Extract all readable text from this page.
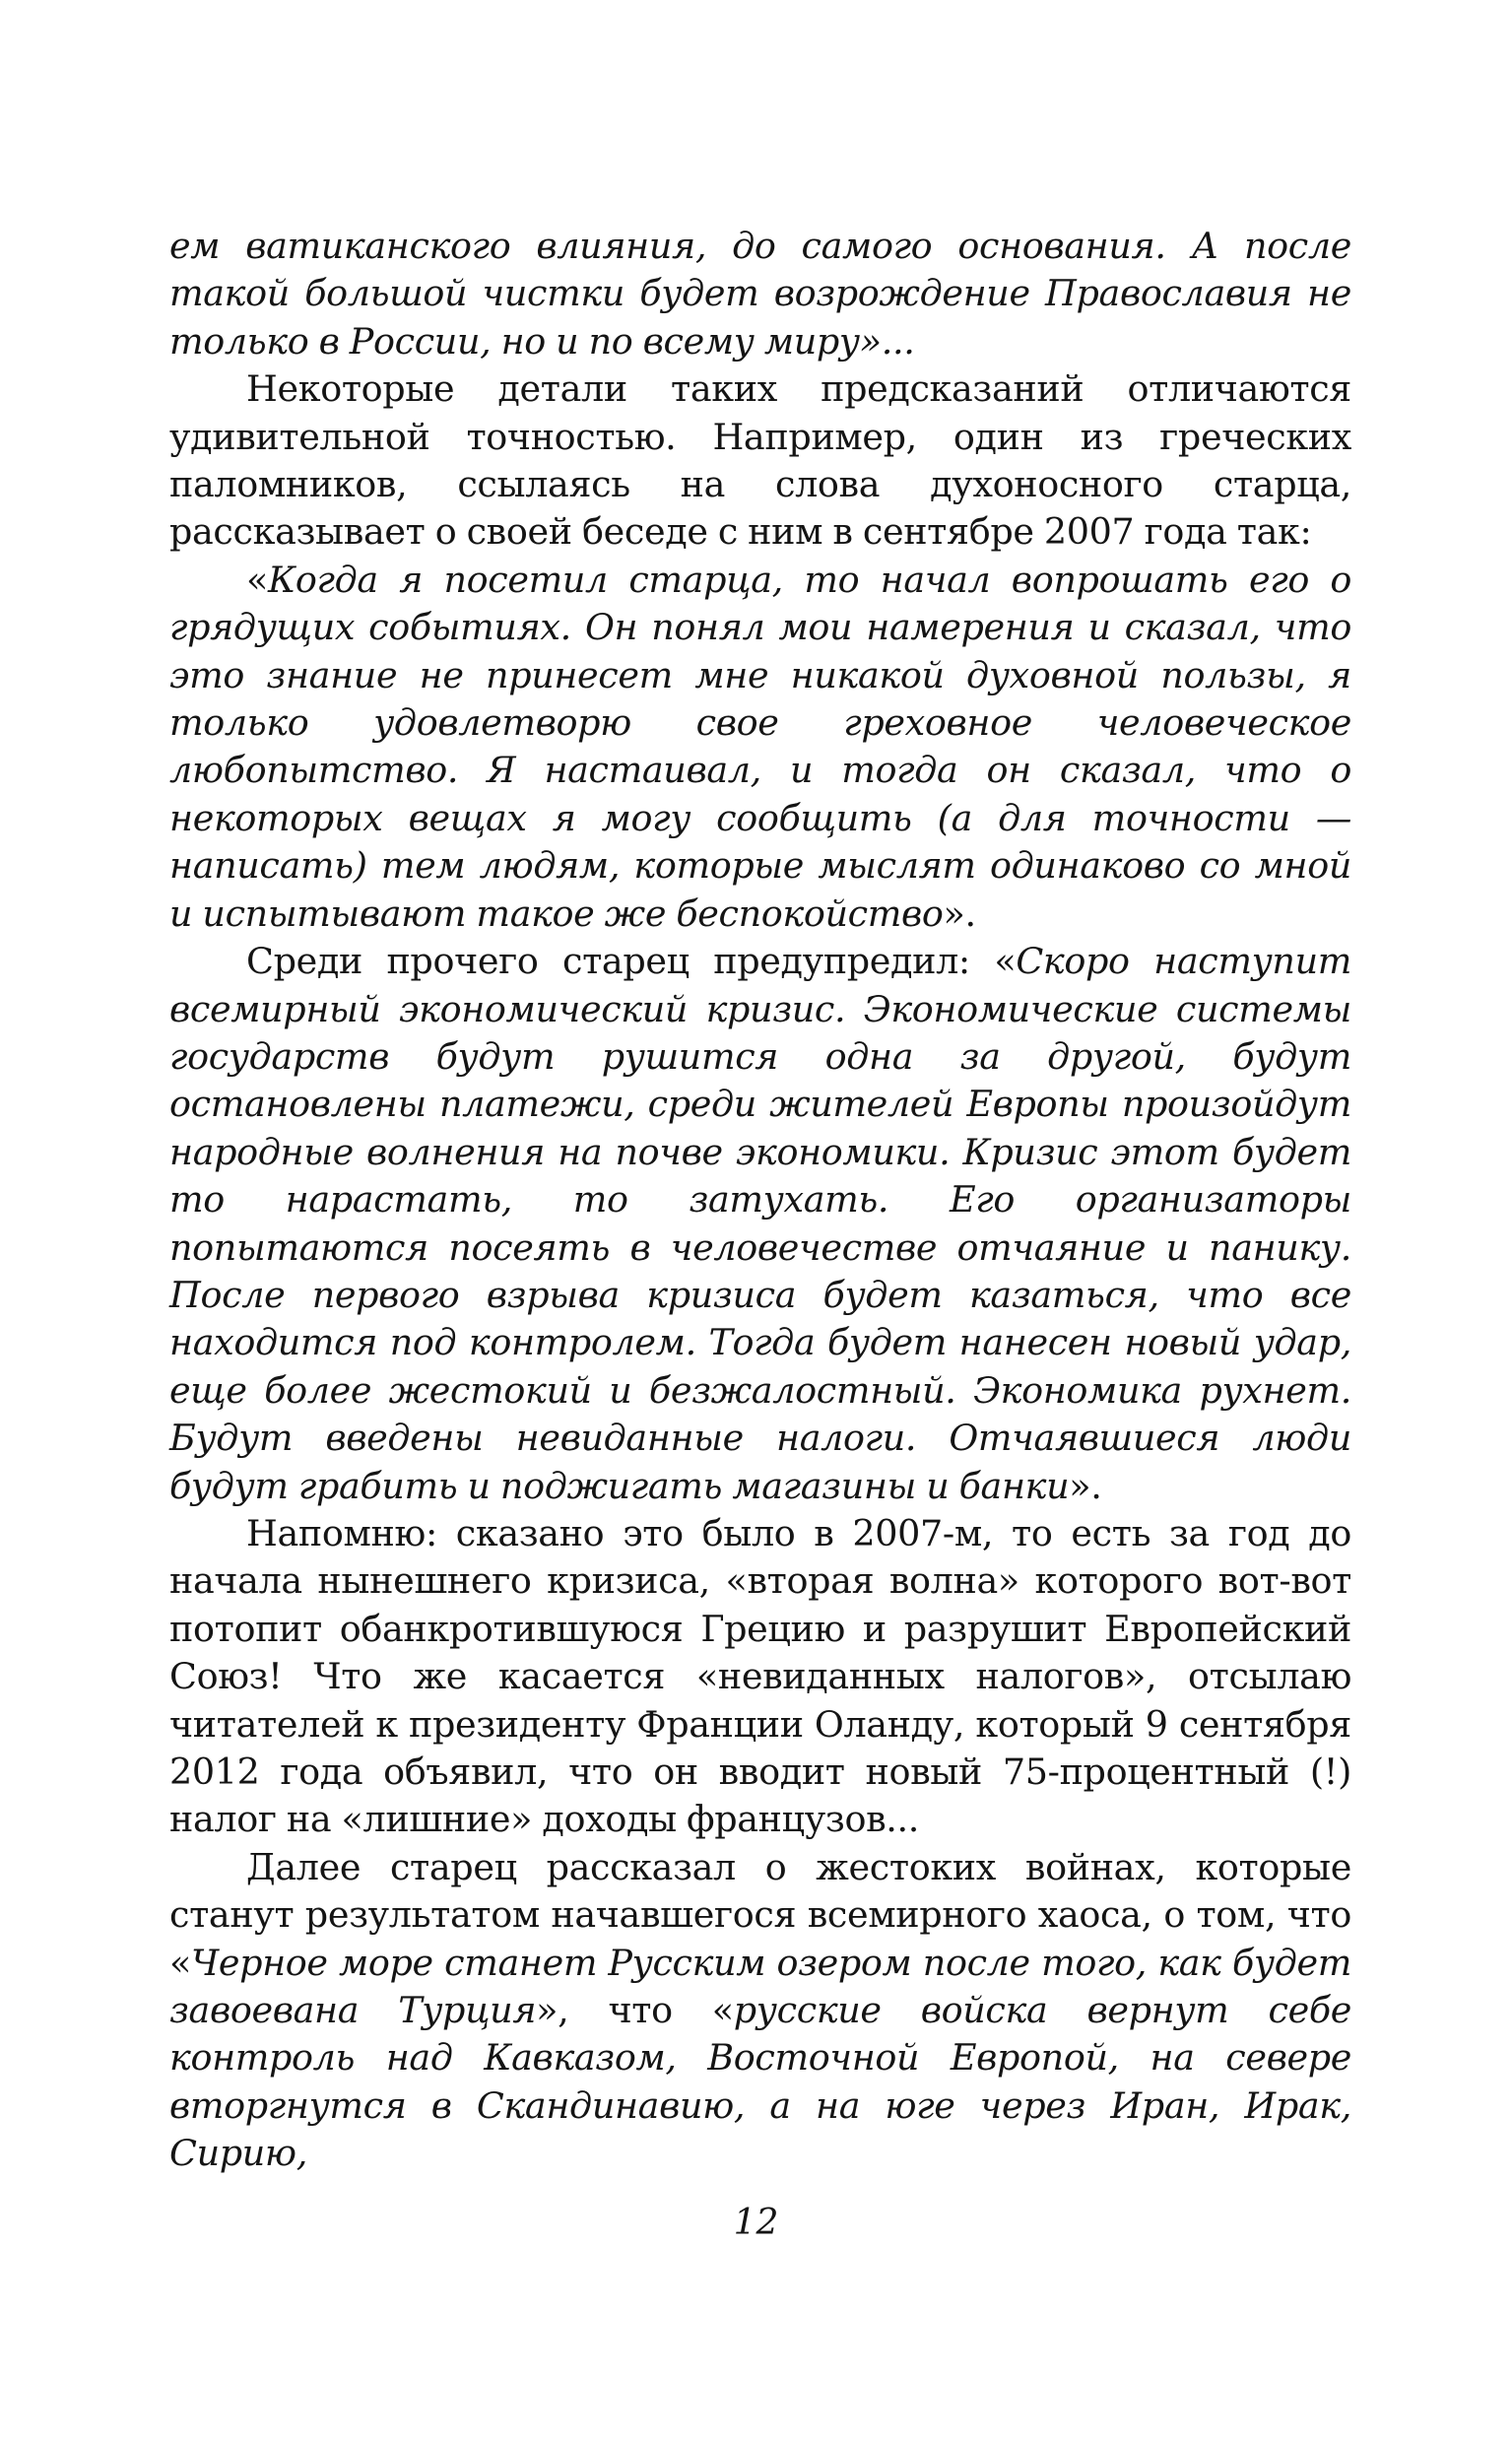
ем ватиканского влияния, до самого основания. А после такой большой чистки будет возрождение Православия не только в России, но и по всему миру»...

Некоторые детали таких предсказаний отличаются удивительной точностью. Например, один из греческих паломников, ссылаясь на слова духоносного старца, рассказывает о своей беседе с ним в сентябре 2007 года так:

«Когда я посетил старца, то начал вопрошать его о грядущих событиях. Он понял мои намерения и сказал, что это знание не принесет мне никакой духовной пользы, я только удовлетворю свое греховное человеческое любопытство. Я настаивал, и тогда он сказал, что о некоторых вещах я могу сообщить (а для точности — написать) тем людям, которые мыслят одинаково со мной и испытывают такое же беспокойство».

Среди прочего старец предупредил: «Скоро наступит всемирный экономический кризис. Экономические системы государств будут рушится одна за другой, будут остановлены платежи, среди жителей Европы произойдут народные волнения на почве экономики. Кризис этот будет то нарастать, то затухать. Его организаторы попытаются посеять в человечестве отчаяние и панику. После первого взрыва кризиса будет казаться, что все находится под контролем. Тогда будет нанесен новый удар, еще более жестокий и безжалостный. Экономика рухнет. Будут введены невиданные налоги. Отчаявшиеся люди будут грабить и поджигать магазины и банки».

Напомню: сказано это было в 2007-м, то есть за год до начала нынешнего кризиса, «вторая волна» которого вот-вот потопит обанкротившуюся Грецию и разрушит Европейский Союз! Что же касается «невиданных налогов», отсылаю читателей к президенту Франции Оланду, который 9 сентября 2012 года объявил, что он вводит новый 75-процентный (!) налог на «лишние» доходы французов...

Далее старец рассказал о жестоких войнах, которые станут результатом начавшегося всемирного хаоса, о том, что «Черное море станет Русским озером после того, как будет завоевана Турция», что «русские войска вернут себе контроль над Кавказом, Восточной Европой, на севере вторгнутся в Скандинавию, а на юге через Иран, Ирак, Сирию,

12
